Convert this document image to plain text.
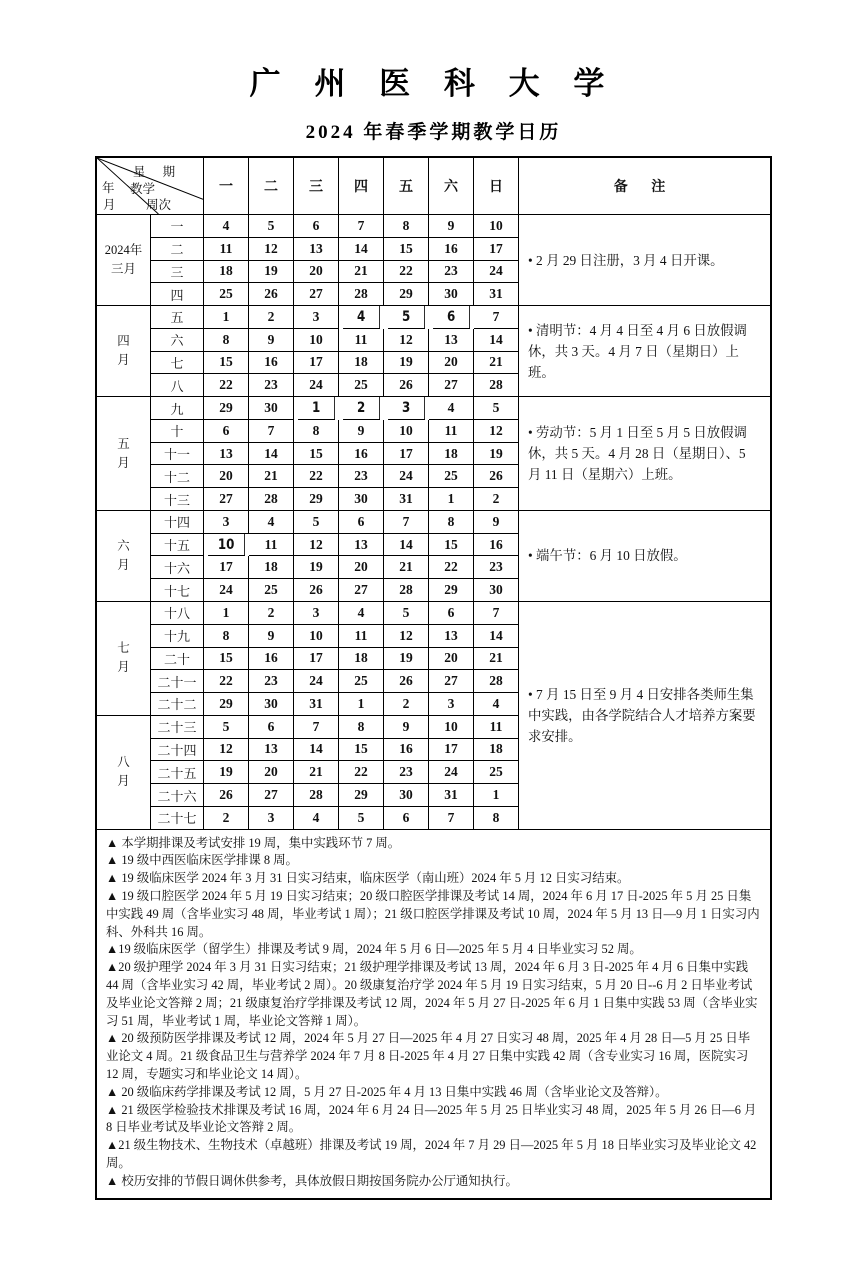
广 州 医 科 大 学
2024 年春季学期教学日历
星 期
年
月
教学
周次
一	二	三	四	五	六	日	备 注
2024年
三月
一	4	5	6	7	8	9	10
二	11	12	13	14	15	16	17
三	18	19	20	21	22	23	24
四	25	26	27	28	29	30	31
四
月
五	1	2	3	4	5	6	7
六	8	9	10	11	12	13	14
七	15	16	17	18	19	20	21
八	22	23	24	25	26	27	28
五
月
九	29	30	1	2	3	4	5
十	6	7	8	9	10	11	12
十一	13	14	15	16	17	18	19
十二	20	21	22	23	24	25	26
十三	27	28	29	30	31	1	2
六
月
十四	3	4	5	6	7	8	9
十五	10	11	12	13	14	15	16
十六	17	18	19	20	21	22	23
十七	24	25	26	27	28	29	30
七
月
十八	1	2	3	4	5	6	7
十九	8	9	10	11	12	13	14
二十	15	16	17	18	19	20	21
二十一	22	23	24	25	26	27	28
二十二	29	30	31	1	2	3	4
八
月
二十三	5	6	7	8	9	10	11
二十四	12	13	14	15	16	17	18
二十五	19	20	21	22	23	24	25
二十六	26	27	28	29	30	31	1
二十七	2	3	4	5	6	7	8
• 2 月 29 日注册，3 月 4 日开课。
• 清明节：4 月 4 日至 4 月 6 日放假调休，共 3 天。4 月 7 日（星期日）上班。
• 劳动节：5 月 1 日至 5 月 5 日放假调休，共 5 天。4 月 28 日（星期日）、5 月 11 日（星期六）上班。
• 端午节：6 月 10 日放假。
• 7 月 15 日至 9 月 4 日安排各类师生集中实践，由各学院结合人才培养方案要求安排。

▲ 本学期排课及考试安排 19 周，集中实践环节 7 周。

▲ 19 级中西医临床医学排课 8 周。

▲ 19 级临床医学 2024 年 3 月 31 日实习结束，临床医学（南山班）2024 年 5 月 12 日实习结束。

▲ 19 级口腔医学 2024 年 5 月 19 日实习结束；20 级口腔医学排课及考试 14 周，2024 年 6 月 17 日-2025 年 5 月 25 日集中实践 49 周（含毕业实习 48 周，毕业考试 1 周）；21 级口腔医学排课及考试 10 周，2024 年 5 月 13 日—9 月 1 日实习内科、外科共 16 周。

▲19 级临床医学（留学生）排课及考试 9 周，2024 年 5 月 6 日—2025 年 5 月 4 日毕业实习 52 周。

▲20 级护理学 2024 年 3 月 31 日实习结束；21 级护理学排课及考试 13 周，2024 年 6 月 3 日-2025 年 4 月 6 日集中实践 44 周（含毕业实习 42 周，毕业考试 2 周）。20 级康复治疗学 2024 年 5 月 19 日实习结束，5 月 20 日--6 月 2 日毕业考试及毕业论文答辩 2 周；21 级康复治疗学排课及考试 12 周，2024 年 5 月 27 日-2025 年 6 月 1 日集中实践 53 周（含毕业实习 51 周，毕业考试 1 周，毕业论文答辩 1 周）。

▲ 20 级预防医学排课及考试 12 周，2024 年 5 月 27 日—2025 年 4 月 27 日实习 48 周，2025 年 4 月 28 日—5 月 25 日毕业论文 4 周。21 级食品卫生与营养学 2024 年 7 月 8 日-2025 年 4 月 27 日集中实践 42 周（含专业实习 16 周，医院实习 12 周，专题实习和毕业论文 14 周）。

▲ 20 级临床药学排课及考试 12 周，5 月 27 日-2025 年 4 月 13 日集中实践 46 周（含毕业论文及答辩）。

▲ 21 级医学检验技术排课及考试 16 周，2024 年 6 月 24 日—2025 年 5 月 25 日毕业实习 48 周，2025 年 5 月 26 日—6 月 8 日毕业考试及毕业论文答辩 2 周。

▲21 级生物技术、生物技术（卓越班）排课及考试 19 周，2024 年 7 月 29 日—2025 年 5 月 18 日毕业实习及毕业论文 42 周。

▲ 校历安排的节假日调休供参考，具体放假日期按国务院办公厅通知执行。
